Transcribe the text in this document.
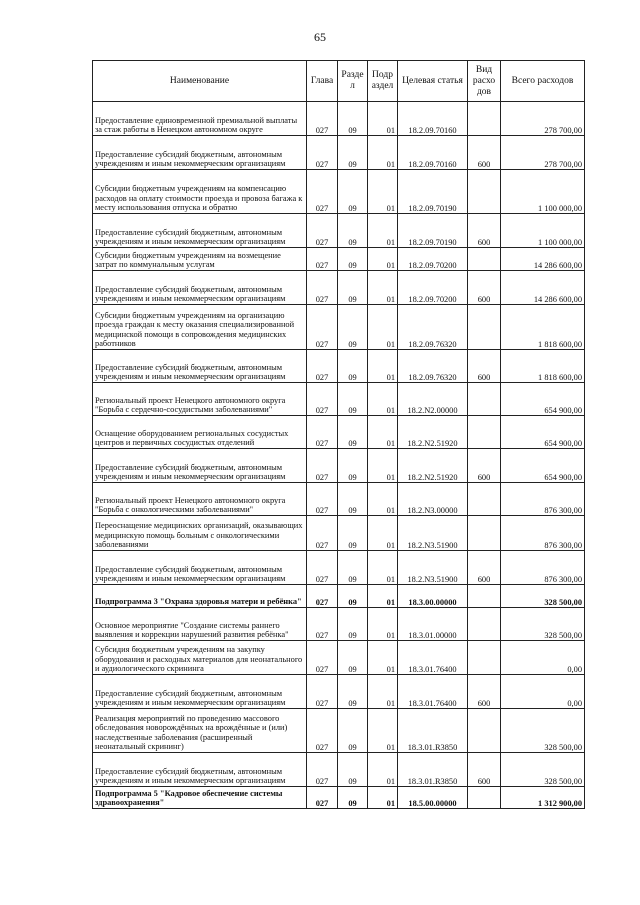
65
Наименование	Глава	Разде л	Подр аздел	Целевая статья	Вид расхо дов	Всего расходов
Предоставление единовременной премиальной выплаты за стаж работы в Ненецком автономном округе	027	09	01	18.2.09.70160		278 700,00
Предоставление субсидий бюджетным, автономным учреждениям и иным некоммерческим организациям	027	09	01	18.2.09.70160	600	278 700,00
Субсидии бюджетным учреждениям на компенсацию расходов на оплату стоимости проезда и провоза багажа к месту использования отпуска и обратно	027	09	01	18.2.09.70190		1 100 000,00
Предоставление субсидий бюджетным, автономным учреждениям и иным некоммерческим организациям	027	09	01	18.2.09.70190	600	1 100 000,00
Субсидии бюджетным учреждениям на возмещение затрат по коммунальным услугам	027	09	01	18.2.09.70200		14 286 600,00
Предоставление субсидий бюджетным, автономным учреждениям и иным некоммерческим организациям	027	09	01	18.2.09.70200	600	14 286 600,00
Субсидии бюджетным учреждениям на организацию проезда граждан к месту оказания специализированной медицинской помощи в сопровождения медицинских работников	027	09	01	18.2.09.76320		1 818 600,00
Предоставление субсидий бюджетным, автономным учреждениям и иным некоммерческим организациям	027	09	01	18.2.09.76320	600	1 818 600,00
Региональный проект Ненецкого автономного округа "Борьба с сердечно-сосудистыми заболеваниями"	027	09	01	18.2.N2.00000		654 900,00
Оснащение оборудованием региональных сосудистых центров и первичных сосудистых отделений	027	09	01	18.2.N2.51920		654 900,00
Предоставление субсидий бюджетным, автономным учреждениям и иным некоммерческим организациям	027	09	01	18.2.N2.51920	600	654 900,00
Региональный проект Ненецкого автономного округа "Борьба с онкологическими заболеваниями"	027	09	01	18.2.N3.00000		876 300,00
Переоснащение медицинских организаций, оказывающих медицинскую помощь больным с онкологическими заболеваниями	027	09	01	18.2.N3.51900		876 300,00
Предоставление субсидий бюджетным, автономным учреждениям и иным некоммерческим организациям	027	09	01	18.2.N3.51900	600	876 300,00
Подпрограмма 3 "Охрана здоровья матери и ребёнка"	027	09	01	18.3.00.00000		328 500,00
Основное мероприятие "Создание системы раннего выявления и коррекции нарушений развития ребёнка"	027	09	01	18.3.01.00000		328 500,00
Субсидия бюджетным учреждениям на закупку оборудования и расходных материалов для неонатального и аудиологического скрининга	027	09	01	18.3.01.76400		0,00
Предоставление субсидий бюджетным, автономным учреждениям и иным некоммерческим организациям	027	09	01	18.3.01.76400	600	0,00
Реализация мероприятий по проведению массового обследования новорождённых на врождённые и (или) наследственные заболевания (расширенный неонатальный скрининг)	027	09	01	18.3.01.R3850		328 500,00
Предоставление субсидий бюджетным, автономным учреждениям и иным некоммерческим организациям	027	09	01	18.3.01.R3850	600	328 500,00
Подпрограмма 5 "Кадровое обеспечение системы здравоохранения"	027	09	01	18.5.00.00000		1 312 900,00
